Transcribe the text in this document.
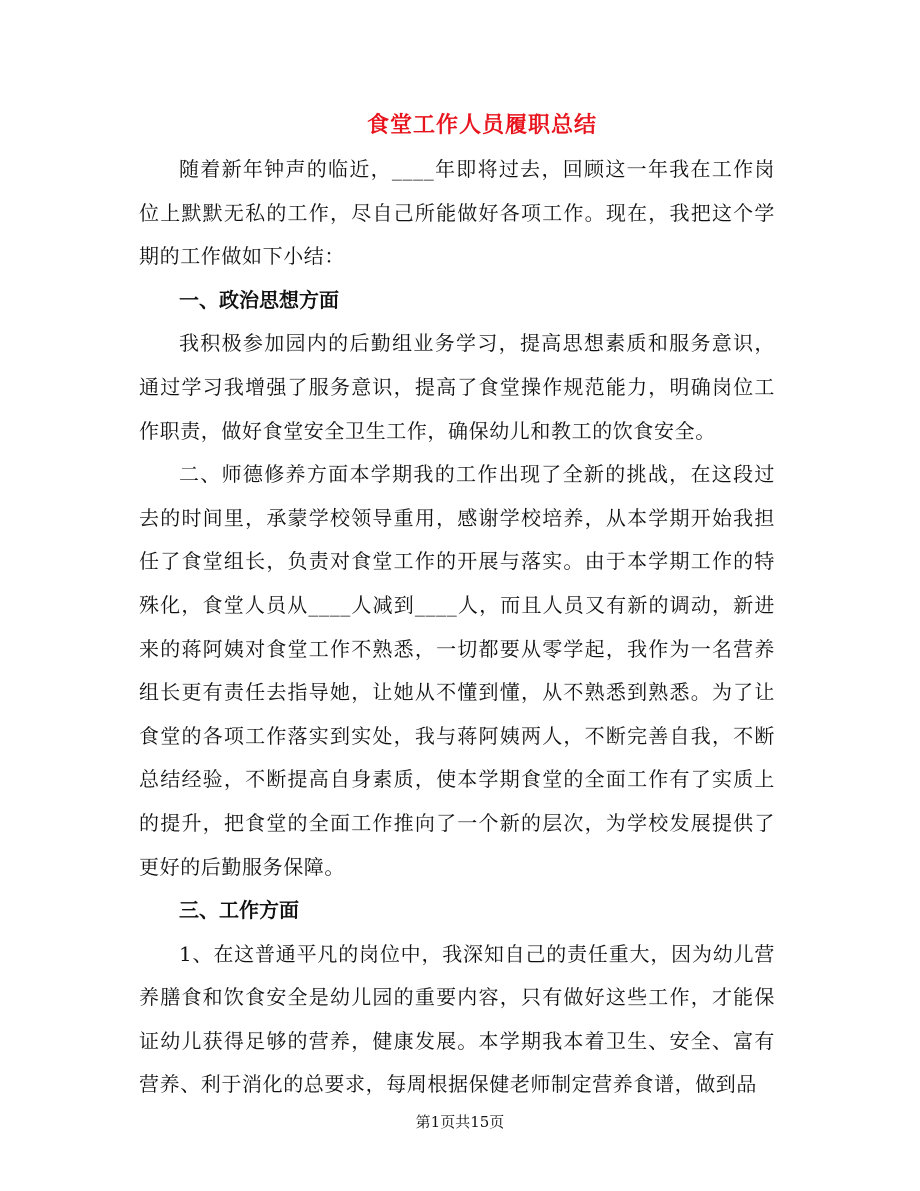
食堂工作人员履职总结

随着新年钟声的临近，____年即将过去，回顾这一年我在工作岗位上默默无私的工作，尽自己所能做好各项工作。现在，我把这个学期的工作做如下小结：

一、政治思想方面

我积极参加园内的后勤组业务学习，提高思想素质和服务意识，通过学习我增强了服务意识，提高了食堂操作规范能力，明确岗位工作职责，做好食堂安全卫生工作，确保幼儿和教工的饮食安全。

二、师德修养方面本学期我的工作出现了全新的挑战，在这段过去的时间里，承蒙学校领导重用，感谢学校培养，从本学期开始我担任了食堂组长，负责对食堂工作的开展与落实。由于本学期工作的特殊化，食堂人员从____人减到____人，而且人员又有新的调动，新进来的蒋阿姨对食堂工作不熟悉，一切都要从零学起，我作为一名营养组长更有责任去指导她，让她从不懂到懂，从不熟悉到熟悉。为了让食堂的各项工作落实到实处，我与蒋阿姨两人，不断完善自我，不断总结经验，不断提高自身素质，使本学期食堂的全面工作有了实质上的提升，把食堂的全面工作推向了一个新的层次，为学校发展提供了更好的后勤服务保障。

三、工作方面

1、在这普通平凡的岗位中，我深知自己的责任重大，因为幼儿营养膳食和饮食安全是幼儿园的重要内容，只有做好这些工作，才能保证幼儿获得足够的营养，健康发展。本学期我本着卫生、安全、富有营养、利于消化的总要求，每周根据保健老师制定营养食谱，做到品

第1页共15页
